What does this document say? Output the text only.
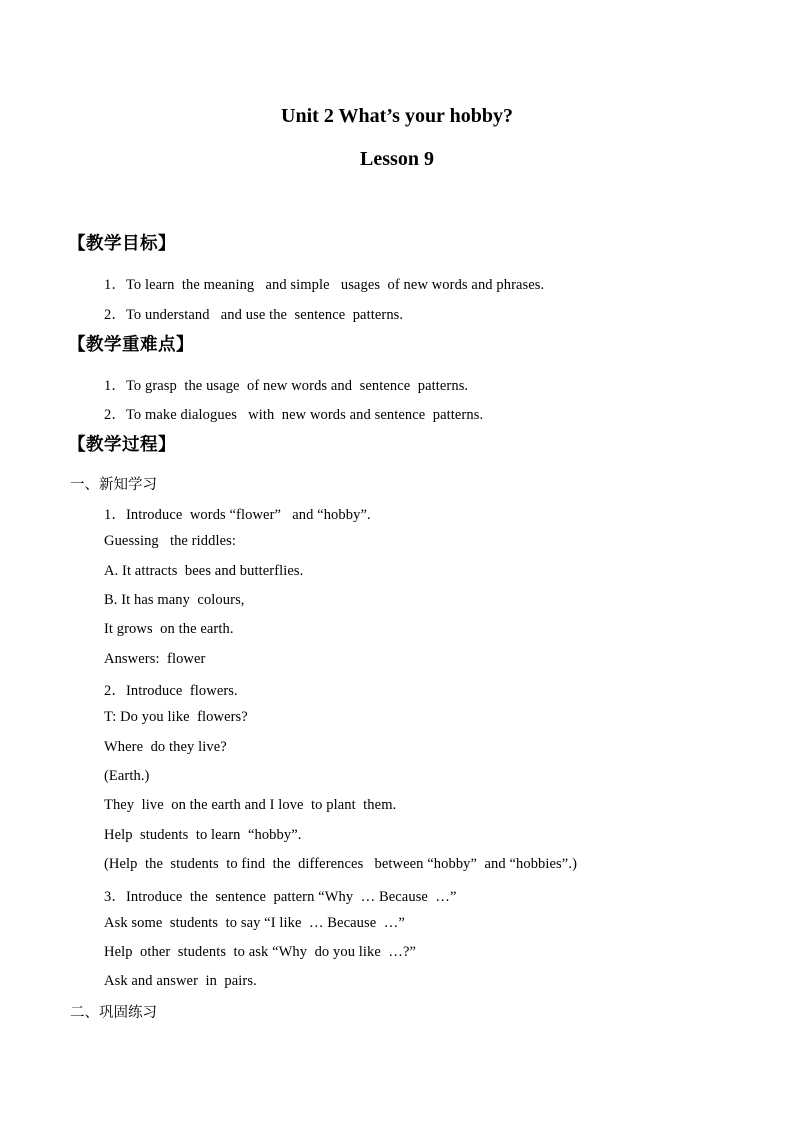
Unit 2 What’s your hobby?
Lesson 9
【教学目标】
1．To learn  the meaning   and simple   usages  of new words and phrases.
2．To understand   and use the  sentence  patterns.
【教学重难点】
1．To grasp  the usage  of new words and  sentence  patterns.
2．To make dialogues   with  new words and sentence  patterns.
【教学过程】
一、新知学习
1．Introduce  words “flower”   and “hobby”.
Guessing   the riddles:
A. It attracts  bees and butterflies.
B. It has many  colours,
It grows  on the earth.
Answers:  flower
2．Introduce  flowers.
T: Do you like  flowers?
Where  do they live?
(Earth.)
They  live  on the earth and I love  to plant  them.
Help  students  to learn  “hobby”.
(Help  the  students  to find  the  differences   between “hobby”  and “hobbies”.)
3．Introduce  the  sentence  pattern “Why  … Because  …”
Ask some  students  to say “I like  … Because  …”
Help  other  students  to ask “Why  do you like  …?”
Ask and answer  in  pairs.
二、巩固练习
